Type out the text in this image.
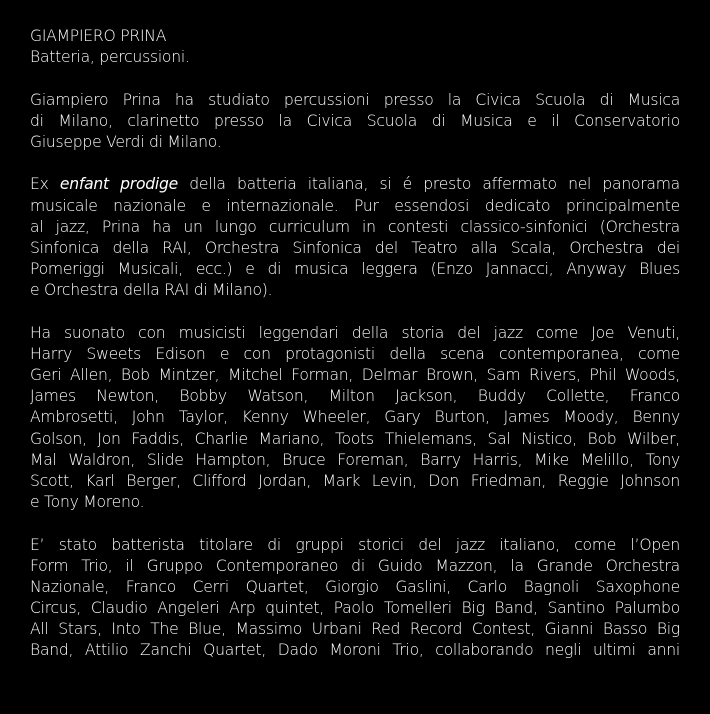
GIAMPIERO PRINA
Batteria, percussioni.
Giampiero Prina ha studiato percussioni presso la Civica Scuola di Musica
di Milano, clarinetto presso la Civica Scuola di Musica e il Conservatorio
Giuseppe Verdi di Milano.
Ex enfant prodige della batteria italiana, si é presto affermato nel panorama
musicale nazionale e internazionale. Pur essendosi dedicato principalmente
al jazz, Prina ha un lungo curriculum in contesti classico-sinfonici (Orchestra
Sinfonica della RAI, Orchestra Sinfonica del Teatro alla Scala, Orchestra dei
Pomeriggi Musicali, ecc.) e di musica leggera (Enzo Jannacci, Anyway Blues
e Orchestra della RAI di Milano).
Ha suonato con musicisti leggendari della storia del jazz come Joe Venuti,
Harry Sweets Edison e con protagonisti della scena contemporanea, come
Geri Allen, Bob Mintzer, Mitchel Forman, Delmar Brown, Sam Rivers, Phil Woods,
James Newton, Bobby Watson, Milton Jackson, Buddy Collette, Franco
Ambrosetti, John Taylor, Kenny Wheeler, Gary Burton, James Moody, Benny
Golson, Jon Faddis, Charlie Mariano, Toots Thielemans, Sal Nistico, Bob Wilber,
Mal Waldron, Slide Hampton, Bruce Foreman, Barry Harris, Mike Melillo, Tony
Scott, Karl Berger, Clifford Jordan, Mark Levin, Don Friedman, Reggie Johnson
e Tony Moreno.
E’ stato batterista titolare di gruppi storici del jazz italiano, come l’Open
Form Trio, il Gruppo Contemporaneo di Guido Mazzon, la Grande Orchestra
Nazionale, Franco Cerri Quartet, Giorgio Gaslini, Carlo Bagnoli Saxophone
Circus, Claudio Angeleri Arp quintet, Paolo Tomelleri Big Band, Santino Palumbo
All Stars, Into The Blue, Massimo Urbani Red Record Contest, Gianni Basso Big
Band, Attilio Zanchi Quartet, Dado Moroni Trio, collaborando negli ultimi anni
